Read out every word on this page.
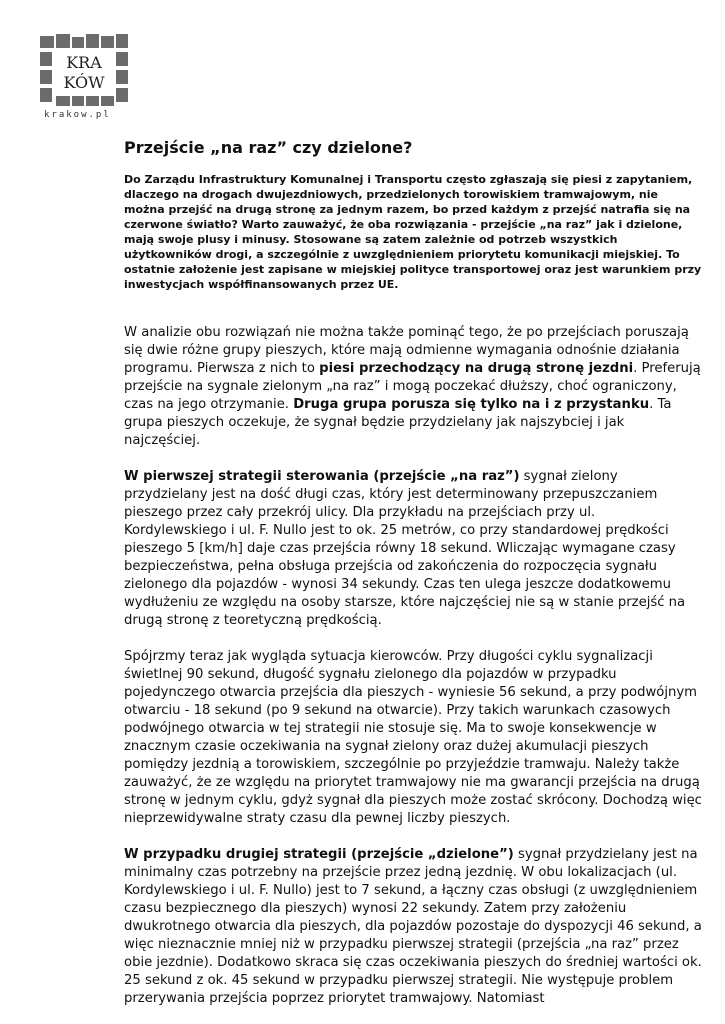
KRA
KÓW
krakow.pl
Przejście „na raz” czy dzielone?

Do Zarządu Infrastruktury Komunalnej i Transportu często zgłaszają się piesi z zapytaniem, dlaczego na drogach dwujezdniowych, przedzielonych torowiskiem tramwajowym, nie można przejść na drugą stronę za jednym razem, bo przed każdym z przejść natrafia się na czerwone światło? Warto zauważyć, że oba rozwiązania - przejście „na raz” jak i dzielone, mają swoje plusy i minusy. Stosowane są zatem zależnie od potrzeb wszystkich użytkowników drogi, a szczególnie z uwzględnieniem priorytetu komunikacji miejskiej. To ostatnie założenie jest zapisane w miejskiej polityce transportowej oraz jest warunkiem przy inwestycjach współfinansowanych przez UE.

W analizie obu rozwiązań nie można także pominąć tego, że po przejściach poruszają się dwie różne grupy pieszych, które mają odmienne wymagania odnośnie działania programu. Pierwsza z nich to piesi przechodzący na drugą stronę jezdni. Preferują przejście na sygnale zielonym „na raz” i mogą poczekać dłuższy, choć ograniczony, czas na jego otrzymanie. Druga grupa porusza się tylko na i z przystanku. Ta grupa pieszych oczekuje, że sygnał będzie przydzielany jak najszybciej i jak najczęściej.

W pierwszej strategii sterowania (przejście „na raz”) sygnał zielony przydzielany jest na dość długi czas, który jest determinowany przepuszczaniem pieszego przez cały przekrój ulicy. Dla przykładu na przejściach przy ul. Kordylewskiego i ul. F. Nullo jest to ok. 25 metrów, co przy standardowej prędkości pieszego 5 [km/h] daje czas przejścia równy 18 sekund. Wliczając wymagane czasy bezpieczeństwa, pełna obsługa przejścia od zakończenia do rozpoczęcia sygnału zielonego dla pojazdów - wynosi 34 sekundy. Czas ten ulega jeszcze dodatkowemu wydłużeniu ze względu na osoby starsze, które najczęściej nie są w stanie przejść na drugą stronę z teoretyczną prędkością.

Spójrzmy teraz jak wygląda sytuacja kierowców. Przy długości cyklu sygnalizacji świetlnej 90 sekund, długość sygnału zielonego dla pojazdów w przypadku pojedynczego otwarcia przejścia dla pieszych - wyniesie 56 sekund, a przy podwójnym otwarciu - 18 sekund (po 9 sekund na otwarcie). Przy takich warunkach czasowych podwójnego otwarcia w tej strategii nie stosuje się. Ma to swoje konsekwencje w znacznym czasie oczekiwania na sygnał zielony oraz dużej akumulacji pieszych pomiędzy jezdnią a torowiskiem, szczególnie po przyjeździe tramwaju. Należy także zauważyć, że ze względu na priorytet tramwajowy nie ma gwarancji przejścia na drugą stronę w jednym cyklu, gdyż sygnał dla pieszych może zostać skrócony. Dochodzą więc nieprzewidywalne straty czasu dla pewnej liczby pieszych.

W przypadku drugiej strategii (przejście „dzielone”) sygnał przydzielany jest na minimalny czas potrzebny na przejście przez jedną jezdnię. W obu lokalizacjach (ul. Kordylewskiego i ul. F. Nullo) jest to 7 sekund, a łączny czas obsługi (z uwzględnieniem czasu bezpiecznego dla pieszych) wynosi 22 sekundy. Zatem przy założeniu dwukrotnego otwarcia dla pieszych, dla pojazdów pozostaje do dyspozycji 46 sekund, a więc nieznacznie mniej niż w przypadku pierwszej strategii (przejścia „na raz” przez obie jezdnie). Dodatkowo skraca się czas oczekiwania pieszych do średniej wartości ok. 25 sekund z ok. 45 sekund w przypadku pierwszej strategii. Nie występuje problem przerywania przejścia poprzez priorytet tramwajowy. Natomiast
